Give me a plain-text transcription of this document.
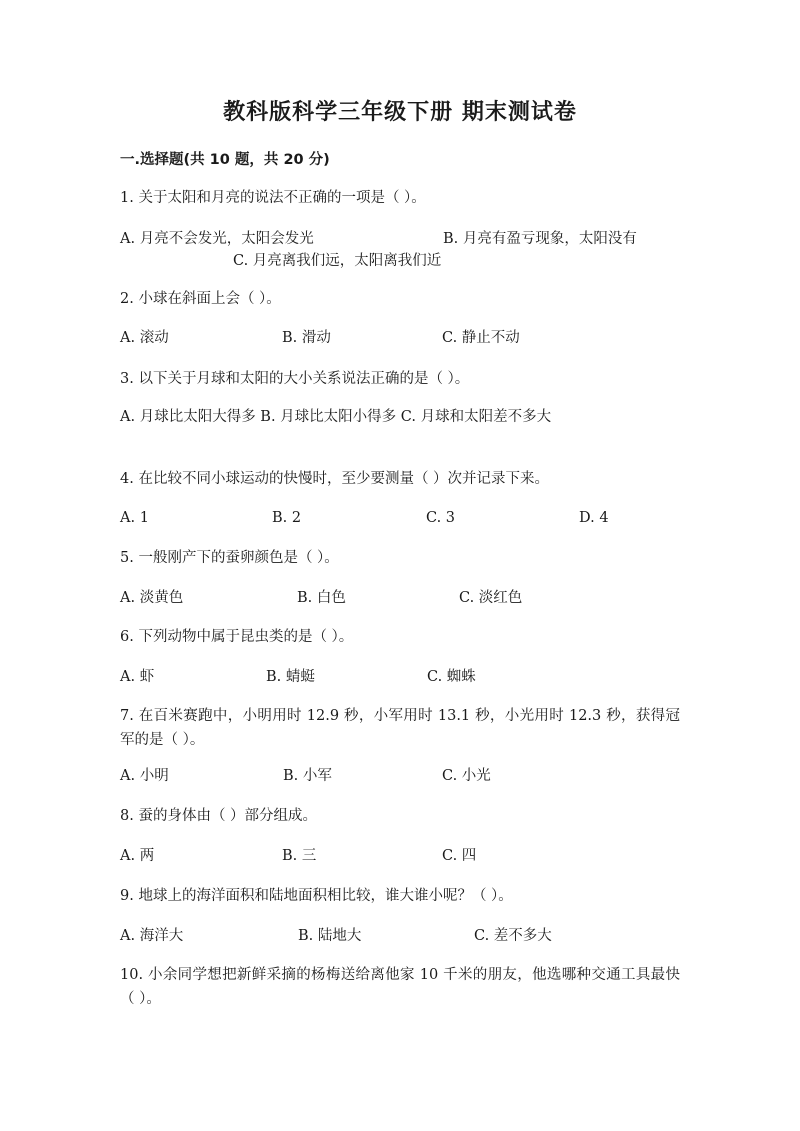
教科版科学三年级下册 期末测试卷
一.选择题(共 10 题，共 20 分)
1. 关于太阳和月亮的说法不正确的一项是（ ）。
A. 月亮不会发光，太阳会发光	B. 月亮有盈亏现象，太阳没有
C. 月亮离我们远，太阳离我们近
2. 小球在斜面上会（ ）。
A. 滚动	B. 滑动	C. 静止不动
3. 以下关于月球和太阳的大小关系说法正确的是（ ）。
A. 月球比太阳大得多 B. 月球比太阳小得多 C. 月球和太阳差不多大
4. 在比较不同小球运动的快慢时，至少要测量（ ）次并记录下来。
A. 1	B. 2	C. 3	D. 4
5. 一般刚产下的蚕卵颜色是（ ）。
A. 淡黄色	B. 白色	C. 淡红色
6. 下列动物中属于昆虫类的是（ ）。
A. 虾	B. 蜻蜓	C. 蜘蛛
7. 在百米赛跑中，小明用时 12.9 秒，小军用时 13.1 秒，小光用时 12.3 秒，获得冠军的是（ ）。
A. 小明	B. 小军	C. 小光
8. 蚕的身体由（ ）部分组成。
A. 两	B. 三	C. 四
9. 地球上的海洋面积和陆地面积相比较，谁大谁小呢？（ ）。
A. 海洋大	B. 陆地大	C. 差不多大
10. 小余同学想把新鲜采摘的杨梅送给离他家 10 千米的朋友，他选哪种交通工具最快（ ）。
